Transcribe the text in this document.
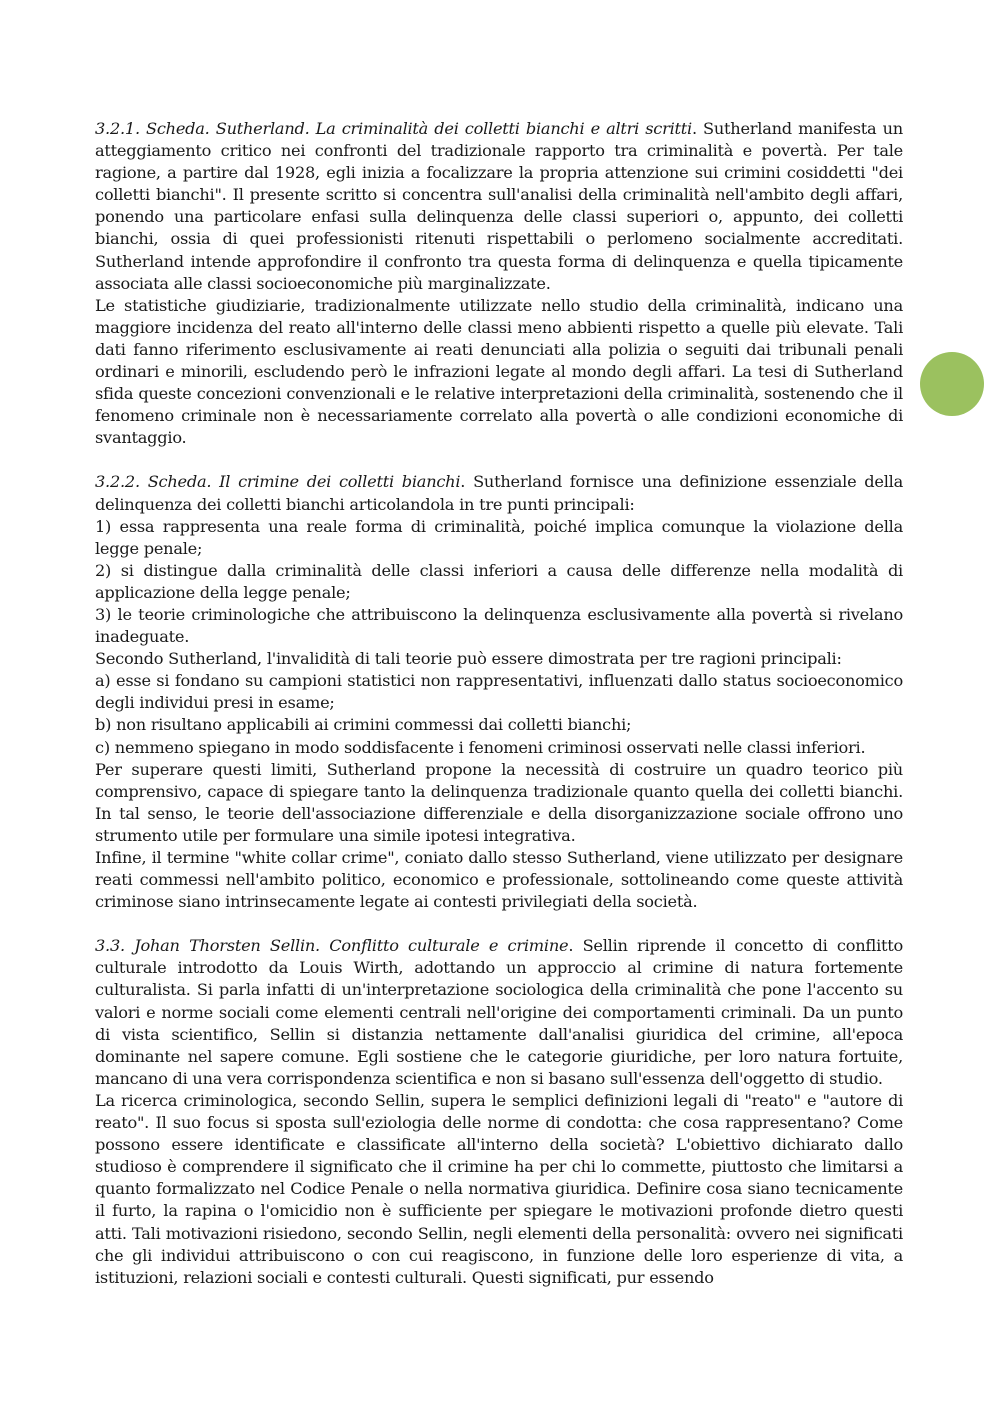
3.2.1. Scheda. Sutherland. La criminalità dei colletti bianchi e altri scritti. Sutherland manifesta un atteggiamento critico nei confronti del tradizionale rapporto tra criminalità e povertà. Per tale ragione, a partire dal 1928, egli inizia a focalizzare la propria attenzione sui crimini cosiddetti "dei colletti bianchi". Il presente scritto si concentra sull'analisi della criminalità nell'ambito degli affari, ponendo una particolare enfasi sulla delinquenza delle classi superiori o, appunto, dei colletti bianchi, ossia di quei professionisti ritenuti rispettabili o perlomeno socialmente accreditati. Sutherland intende approfondire il confronto tra questa forma di delinquenza e quella tipicamente associata alle classi socioeconomiche più marginalizzate.

Le statistiche giudiziarie, tradizionalmente utilizzate nello studio della criminalità, indicano una maggiore incidenza del reato all'interno delle classi meno abbienti rispetto a quelle più elevate. Tali dati fanno riferimento esclusivamente ai reati denunciati alla polizia o seguiti dai tribunali penali ordinari e minorili, escludendo però le infrazioni legate al mondo degli affari. La tesi di Sutherland sfida queste concezioni convenzionali e le relative interpretazioni della criminalità, sostenendo che il fenomeno criminale non è necessariamente correlato alla povertà o alle condizioni economiche di svantaggio.

3.2.2. Scheda. Il crimine dei colletti bianchi. Sutherland fornisce una definizione essenziale della delinquenza dei colletti bianchi articolandola in tre punti principali:

1) essa rappresenta una reale forma di criminalità, poiché implica comunque la violazione della legge penale;

2) si distingue dalla criminalità delle classi inferiori a causa delle differenze nella modalità di applicazione della legge penale;

3) le teorie criminologiche che attribuiscono la delinquenza esclusivamente alla povertà si rivelano inadeguate.

Secondo Sutherland, l'invalidità di tali teorie può essere dimostrata per tre ragioni principali:

a) esse si fondano su campioni statistici non rappresentativi, influenzati dallo status socioeconomico degli individui presi in esame;

b) non risultano applicabili ai crimini commessi dai colletti bianchi;

c) nemmeno spiegano in modo soddisfacente i fenomeni criminosi osservati nelle classi inferiori.

Per superare questi limiti, Sutherland propone la necessità di costruire un quadro teorico più comprensivo, capace di spiegare tanto la delinquenza tradizionale quanto quella dei colletti bianchi. In tal senso, le teorie dell'associazione differenziale e della disorganizzazione sociale offrono uno strumento utile per formulare una simile ipotesi integrativa.

Infine, il termine "white collar crime", coniato dallo stesso Sutherland, viene utilizzato per designare reati commessi nell'ambito politico, economico e professionale, sottolineando come queste attività criminose siano intrinsecamente legate ai contesti privilegiati della società.

3.3. Johan Thorsten Sellin. Conflitto culturale e crimine. Sellin riprende il concetto di conflitto culturale introdotto da Louis Wirth, adottando un approccio al crimine di natura fortemente culturalista. Si parla infatti di un'interpretazione sociologica della criminalità che pone l'accento su valori e norme sociali come elementi centrali nell'origine dei comportamenti criminali. Da un punto di vista scientifico, Sellin si distanzia nettamente dall'analisi giuridica del crimine, all'epoca dominante nel sapere comune. Egli sostiene che le categorie giuridiche, per loro natura fortuite, mancano di una vera corrispondenza scientifica e non si basano sull'essenza dell'oggetto di studio.

La ricerca criminologica, secondo Sellin, supera le semplici definizioni legali di "reato" e "autore di reato". Il suo focus si sposta sull'eziologia delle norme di condotta: che cosa rappresentano? Come possono essere identificate e classificate all'interno della società? L'obiettivo dichiarato dallo studioso è comprendere il significato che il crimine ha per chi lo commette, piuttosto che limitarsi a quanto formalizzato nel Codice Penale o nella normativa giuridica. Definire cosa siano tecnicamente il furto, la rapina o l'omicidio non è sufficiente per spiegare le motivazioni profonde dietro questi atti. Tali motivazioni risiedono, secondo Sellin, negli elementi della personalità: ovvero nei significati che gli individui attribuiscono o con cui reagiscono, in funzione delle loro esperienze di vita, a istituzioni, relazioni sociali e contesti culturali. Questi significati, pur essendo
